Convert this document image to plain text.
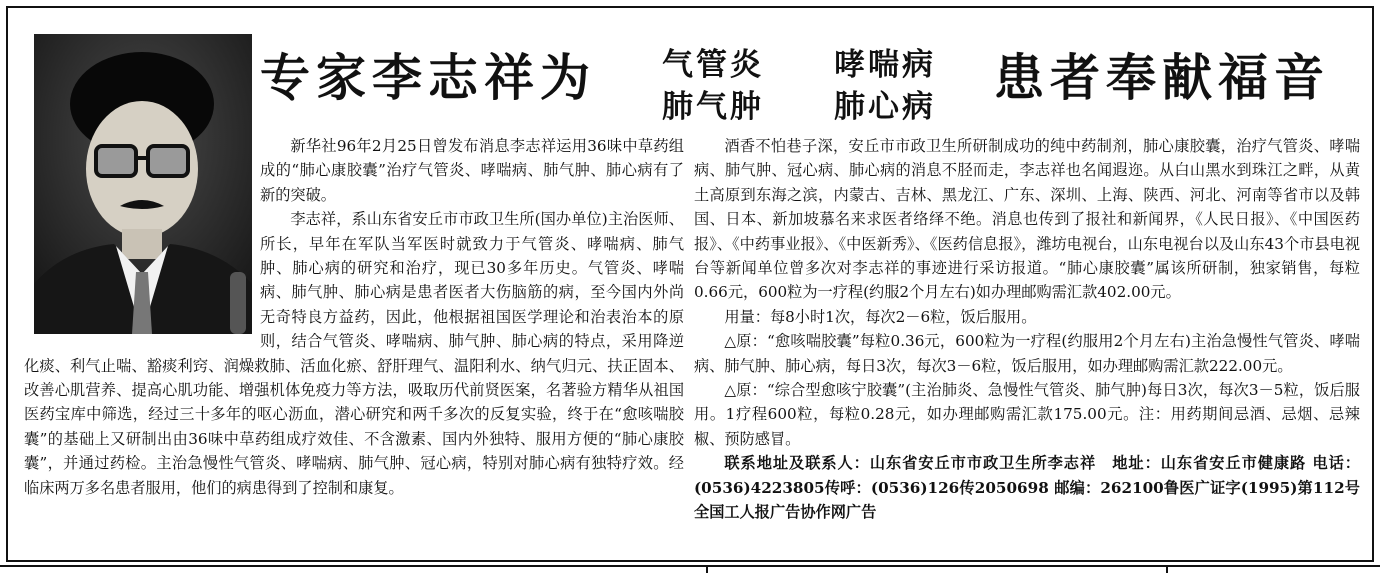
专家李志祥为 气管炎 哮喘病
肺气肿 肺心病 患者奉献福音

新华社96年2月25日曾发布消息李志祥运用36味中草药组成的“肺心康胶囊”治疗气管炎、哮喘病、肺气肿、肺心病有了新的突破。

李志祥，系山东省安丘市市政卫生所(国办单位)主治医师、所长，早年在军队当军医时就致力于气管炎、哮喘病、肺气肿、肺心病的研究和治疗，现已30多年历史。气管炎、哮喘病、肺气肿、肺心病是患者医者大伤脑筋的病，至今国内外尚无奇特良方益药，因此，他根据祖国医学理论和治表治本的原则，结合气管炎、哮喘病、肺气肿、肺心病的特点，采用降逆化痰、利气止喘、豁痰利窍、润燥救肺、活血化瘀、舒肝理气、温阳利水、纳气归元、扶正固本、改善心肌营养、提高心肌功能、增强机体免疫力等方法，吸取历代前贤医案，名著验方精华从祖国医药宝库中筛选，经过三十多年的呕心沥血，潜心研究和两千多次的反复实验，终于在“愈咳喘胶囊”的基础上又研制出由36味中草药组成疗效佳、不含激素、国内外独特、服用方便的“肺心康胶囊”，并通过药检。主治急慢性气管炎、哮喘病、肺气肿、冠心病，特别对肺心病有独特疗效。经临床两万多名患者服用，他们的病患得到了控制和康复。

酒香不怕巷子深，安丘市市政卫生所研制成功的纯中药制剂，肺心康胶囊，治疗气管炎、哮喘病、肺气肿、冠心病、肺心病的消息不胫而走，李志祥也名闻遐迩。从白山黑水到珠江之畔，从黄土高原到东海之滨，内蒙古、吉林、黑龙江、广东、深圳、上海、陕西、河北、河南等省市以及韩国、日本、新加坡慕名来求医者络绎不绝。消息也传到了报社和新闻界，《人民日报》、《中国医药报》、《中药事业报》、《中医新秀》、《医药信息报》，潍坊电视台，山东电视台以及山东43个市县电视台等新闻单位曾多次对李志祥的事迹进行采访报道。“肺心康胶囊”属该所研制，独家销售，每粒0.66元，600粒为一疗程(约服2个月左右)如办理邮购需汇款402.00元。

用量：每8小时1次，每次2－6粒，饭后服用。

△原：“愈咳喘胶囊”每粒0.36元，600粒为一疗程(约服用2个月左右)主治急慢性气管炎、哮喘病、肺气肿、肺心病，每日3次，每次3－6粒，饭后服用，如办理邮购需汇款222.00元。

△原：“综合型愈咳宁胶囊”(主治肺炎、急慢性气管炎、肺气肿)每日3次，每次3－5粒，饭后服用。1疗程600粒，每粒0.28元，如办理邮购需汇款175.00元。注：用药期间忌酒、忌烟、忌辣椒、预防感冒。

联系地址及联系人：山东省安丘市市政卫生所李志祥　地址：山东省安丘市健康路 电话：(0536)4223805传呼：(0536)126传2050698 邮编：262100鲁医广证字(1995)第112号 全国工人报广告协作网广告
